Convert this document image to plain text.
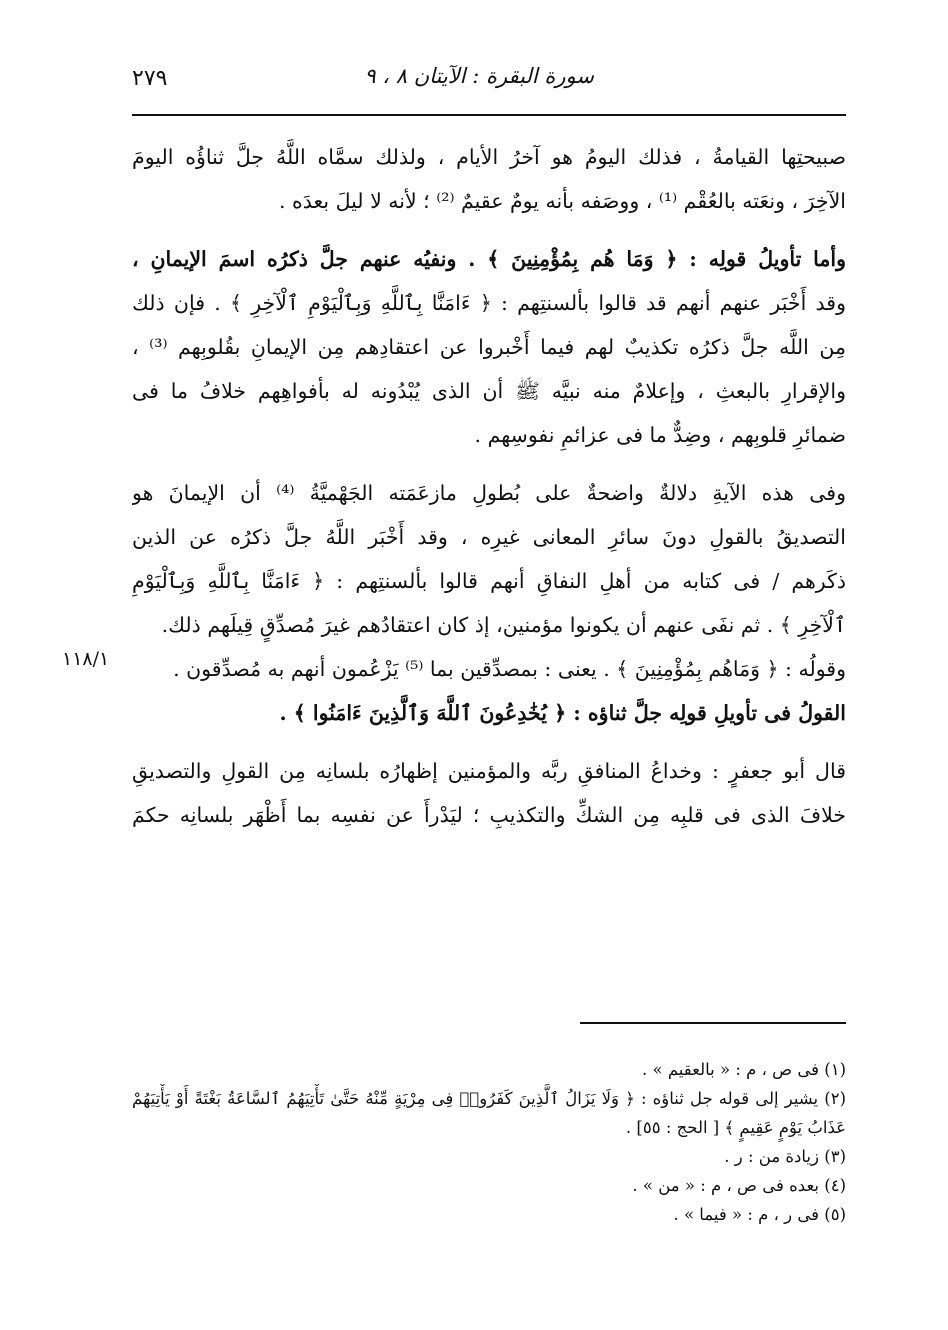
٢٧٩	سورة البقرة : الآيتان ٨ ، ٩
صبيحتِها القيامةُ ، فذلك اليومُ هو آخرُ الأيام ، ولذلك سمَّاه اللَّهُ جلَّ ثناؤُه اليومَ
الآخِرَ ، ونعَته بالعُقْم ⁽¹⁾ ، ووصَفه بأنه يومٌ عقيمٌ ⁽²⁾ ؛ لأنه لا ليلَ بعدَه .
وأما تأويلُ قولِه : ﴿ وَمَا هُم بِمُؤْمِنِينَ ﴾ . ونفيُه عنهم جلَّ ذكرُه اسمَ الإيمانِ ،
وقد أَخْبَر عنهم أنهم قد قالوا بألسنتِهم : ﴿ ءَامَنَّا بِٱللَّهِ وَبِٱلْيَوْمِ ٱلْآخِرِ ﴾ . فإن ذلك
مِن اللَّه جلَّ ذكرُه تكذيبٌ لهم فيما أَخْبروا عن اعتقادِهم مِن الإيمانِ بقُلوبِهم ⁽³⁾ ،
والإقرارِ بالبعثِ ، وإعلامٌ منه نبيَّه ﷺ أن الذى يُبْدُونه له بأفواهِهم خلافُ ما فى
ضمائرِ قلوبِهم ، وضِدٌّ ما فى عزائمِ نفوسِهم .
وفى هذه الآيةِ دلالةٌ واضحةٌ على بُطولِ مازعَمَته الجَهْميَّةُ ⁽⁴⁾ أن الإيمانَ هو
التصديقُ بالقولِ دونَ سائرِ المعانى غيرِه ، وقد أَخْبَر اللَّهُ جلَّ ذكرُه عن الذين
ذكَرهم / فى كتابه من أهلِ النفاقِ أنهم قالوا بألسنتِهم : ﴿ ءَامَنَّا بِٱللَّهِ وَبِٱلْيَوْمِ
ٱلْآخِرِ ﴾ . ثم نفَى عنهم أن يكونوا مؤمنين، إذ كان اعتقادُهم غيرَ مُصدِّقٍ قِيلَهم ذلك.
وقولُه : ﴿ وَمَاهُم بِمُؤْمِنِينَ ﴾ . يعنى : بمصدِّقين بما ⁽⁵⁾ يَزْعُمون أنهم به مُصدِّقون .
القولُ فى تأويلِ قولِه جلَّ ثناؤه : ﴿ يُخَٰدِعُونَ ٱللَّهَ وَٱلَّذِينَ ءَامَنُوا ﴾ .
قال أبو جعفرٍ : وخداعُ المنافقِ ربَّه والمؤمنين إظهارُه بلسانِه مِن القولِ والتصديقِ
خلافَ الذى فى قلبِه مِن الشكِّ والتكذيبِ ؛ ليَدْرأَ عن نفسِه بما أَظْهَر بلسانِه حكمَ
١١٨/١
(١) فى ص ، م : « بالعقيم » .
(٢) يشير إلى قوله جل ثناؤه : ﴿ وَلَا يَزَالُ ٱلَّذِينَ كَفَرُوا۟ فِى مِرْيَةٍ مِّنْهُ حَتَّىٰ تَأْتِيَهُمُ ٱلسَّاعَةُ بَغْتَةً أَوْ يَأْتِيَهُمْ
عَذَابُ يَوْمٍ عَقِيمٍ ﴾ [ الحج : ٥٥] .
(٣) زيادة من : ر .
(٤) بعده فى ص ، م : « من » .
(٥) فى ر ، م : « فيما » .
